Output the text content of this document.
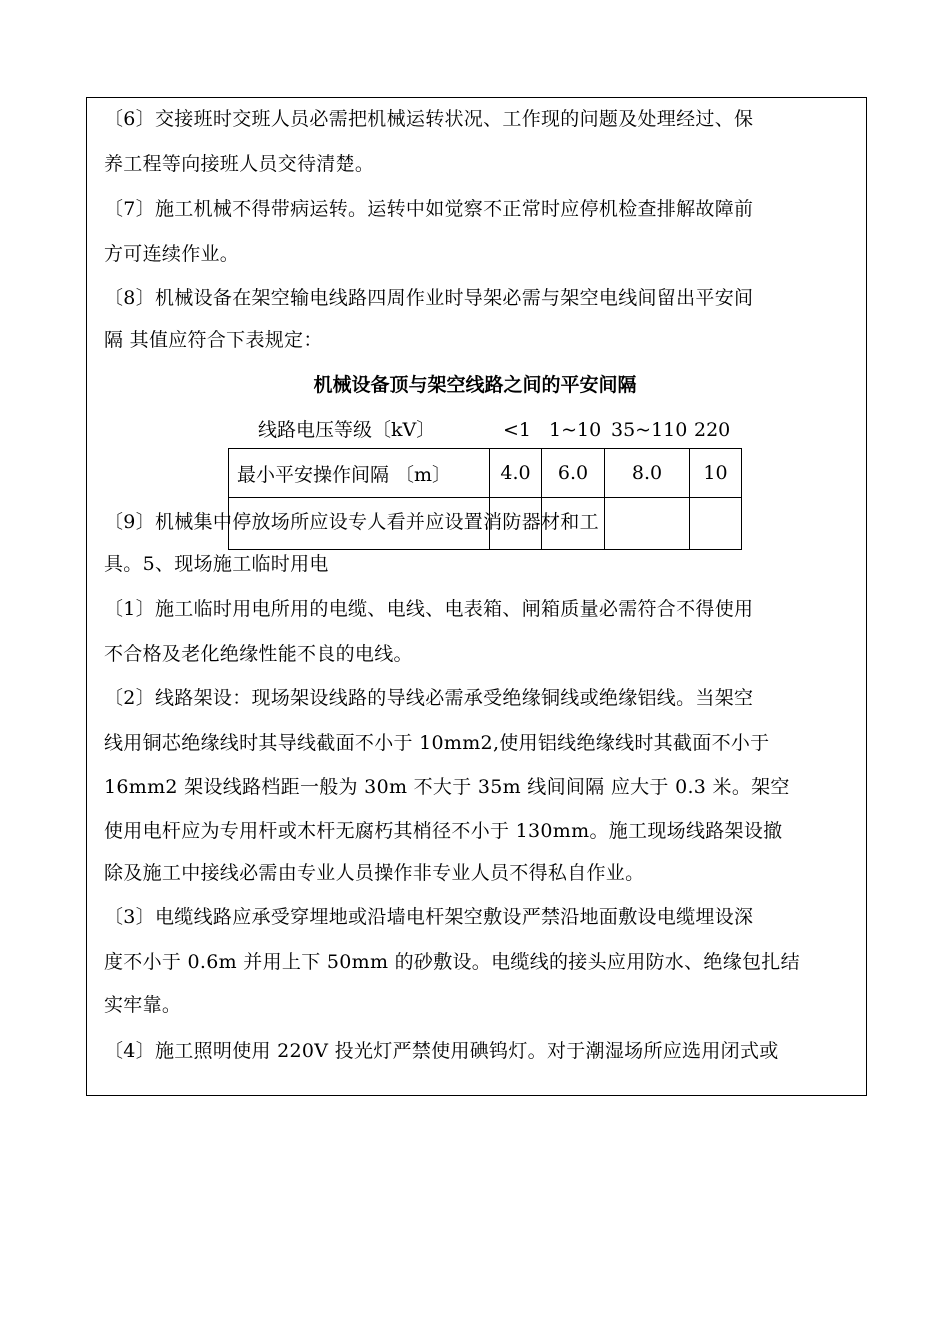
〔6〕交接班时交班人员必需把机械运转状况、工作现的问题及处理经过、保
养工程等向接班人员交待清楚。
〔7〕施工机械不得带病运转。运转中如觉察不正常时应停机检查排解故障前
方可连续作业。
〔8〕机械设备在架空输电线路四周作业时导架必需与架空电线间留出平安间
隔 其值应符合下表规定：
机械设备顶与架空线路之间的平安间隔
线路电压等级〔kV〕	<1 1~10 35~110 220
最小平安操作间隔 〔m〕	4.0	6.0	8.0	10

〔9〕机械集中停放场所应设专人看并应设置消防器材和工
具。5、现场施工临时用电
〔1〕施工临时用电所用的电缆、电线、电表箱、闸箱质量必需符合不得使用
不合格及老化绝缘性能不良的电线。
〔2〕线路架设：现场架设线路的导线必需承受绝缘铜线或绝缘铝线。当架空
线用铜芯绝缘线时其导线截面不小于 10mm2,使用铝线绝缘线时其截面不小于
16mm2 架设线路档距一般为 30m 不大于 35m 线间间隔 应大于 0.3 米。架空
使用电杆应为专用杆或木杆无腐朽其梢径不小于 130mm。施工现场线路架设撤
除及施工中接线必需由专业人员操作非专业人员不得私自作业。
〔3〕电缆线路应承受穿埋地或沿墙电杆架空敷设严禁沿地面敷设电缆埋设深
度不小于 0.6m 并用上下 50mm 的砂敷设。电缆线的接头应用防水、绝缘包扎结
实牢靠。
〔4〕施工照明使用 220V 投光灯严禁使用碘钨灯。对于潮湿场所应选用闭式或
